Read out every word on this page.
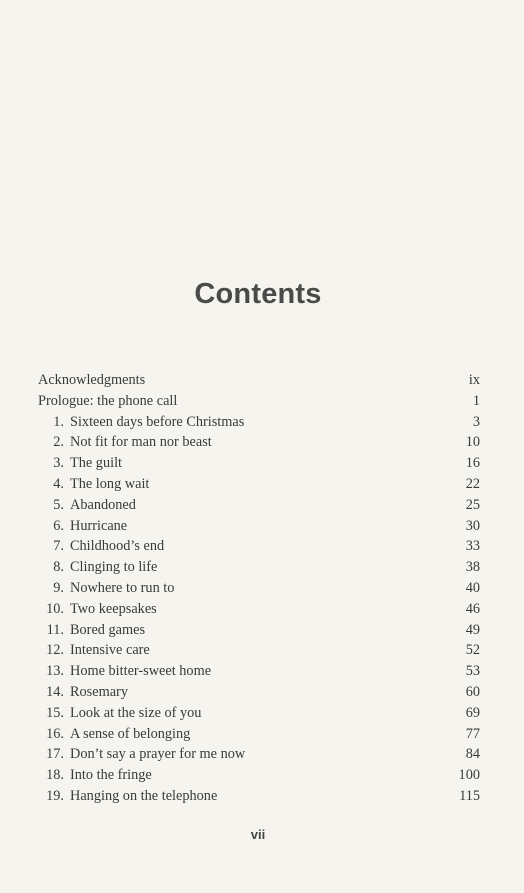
Contents
Acknowledgments	ix
Prologue: the phone call	1
1. Sixteen days before Christmas	3
2. Not fit for man nor beast	10
3. The guilt	16
4. The long wait	22
5. Abandoned	25
6. Hurricane	30
7. Childhood’s end	33
8. Clinging to life	38
9. Nowhere to run to	40
10. Two keepsakes	46
11. Bored games	49
12. Intensive care	52
13. Home bitter-sweet home	53
14. Rosemary	60
15. Look at the size of you	69
16. A sense of belonging	77
17. Don’t say a prayer for me now	84
18. Into the fringe	100
19. Hanging on the telephone	115
vii
